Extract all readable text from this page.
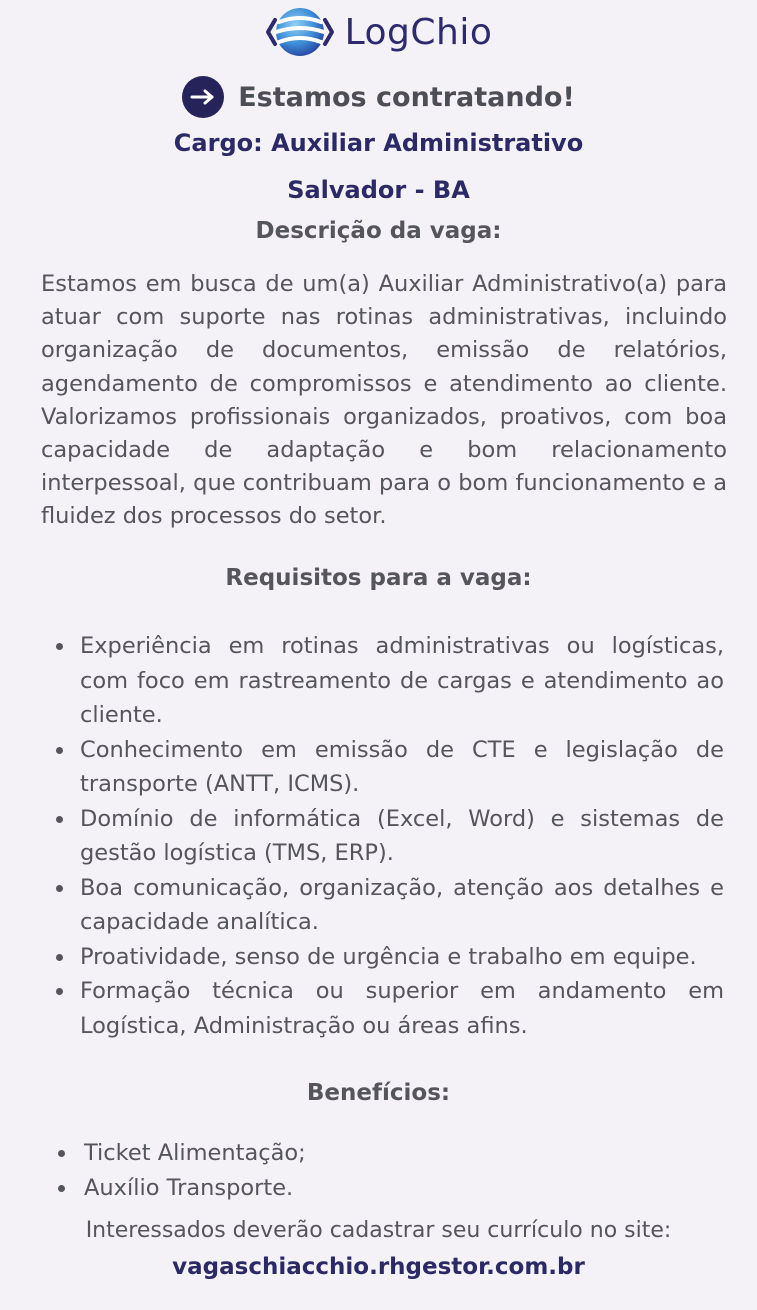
LogChio
Estamos contratando!
Cargo: Auxiliar Administrativo
Salvador - BA
Descrição da vaga:

Estamos em busca de um(a) Auxiliar Administrativo(a) para atuar com suporte nas rotinas administrativas, incluindo organização de documentos, emissão de relatórios, agendamento de compromissos e atendimento ao cliente. Valorizamos profissionais organizados, proativos, com boa capacidade de adaptação e bom relacionamento interpessoal, que contribuam para o bom funcionamento e a fluidez dos processos do setor.

Requisitos para a vaga:
Experiência em rotinas administrativas ou logísticas, com foco em rastreamento de cargas e atendimento ao cliente.
Conhecimento em emissão de CTE e legislação de transporte (ANTT, ICMS).
Domínio de informática (Excel, Word) e sistemas de gestão logística (TMS, ERP).
Boa comunicação, organização, atenção aos detalhes e capacidade analítica.
Proatividade, senso de urgência e trabalho em equipe.
Formação técnica ou superior em andamento em Logística, Administração ou áreas afins.
Benefícios:
Ticket Alimentação;
Auxílio Transporte.
Interessados deverão cadastrar seu currículo no site:
vagaschiacchio.rhgestor.com.br
